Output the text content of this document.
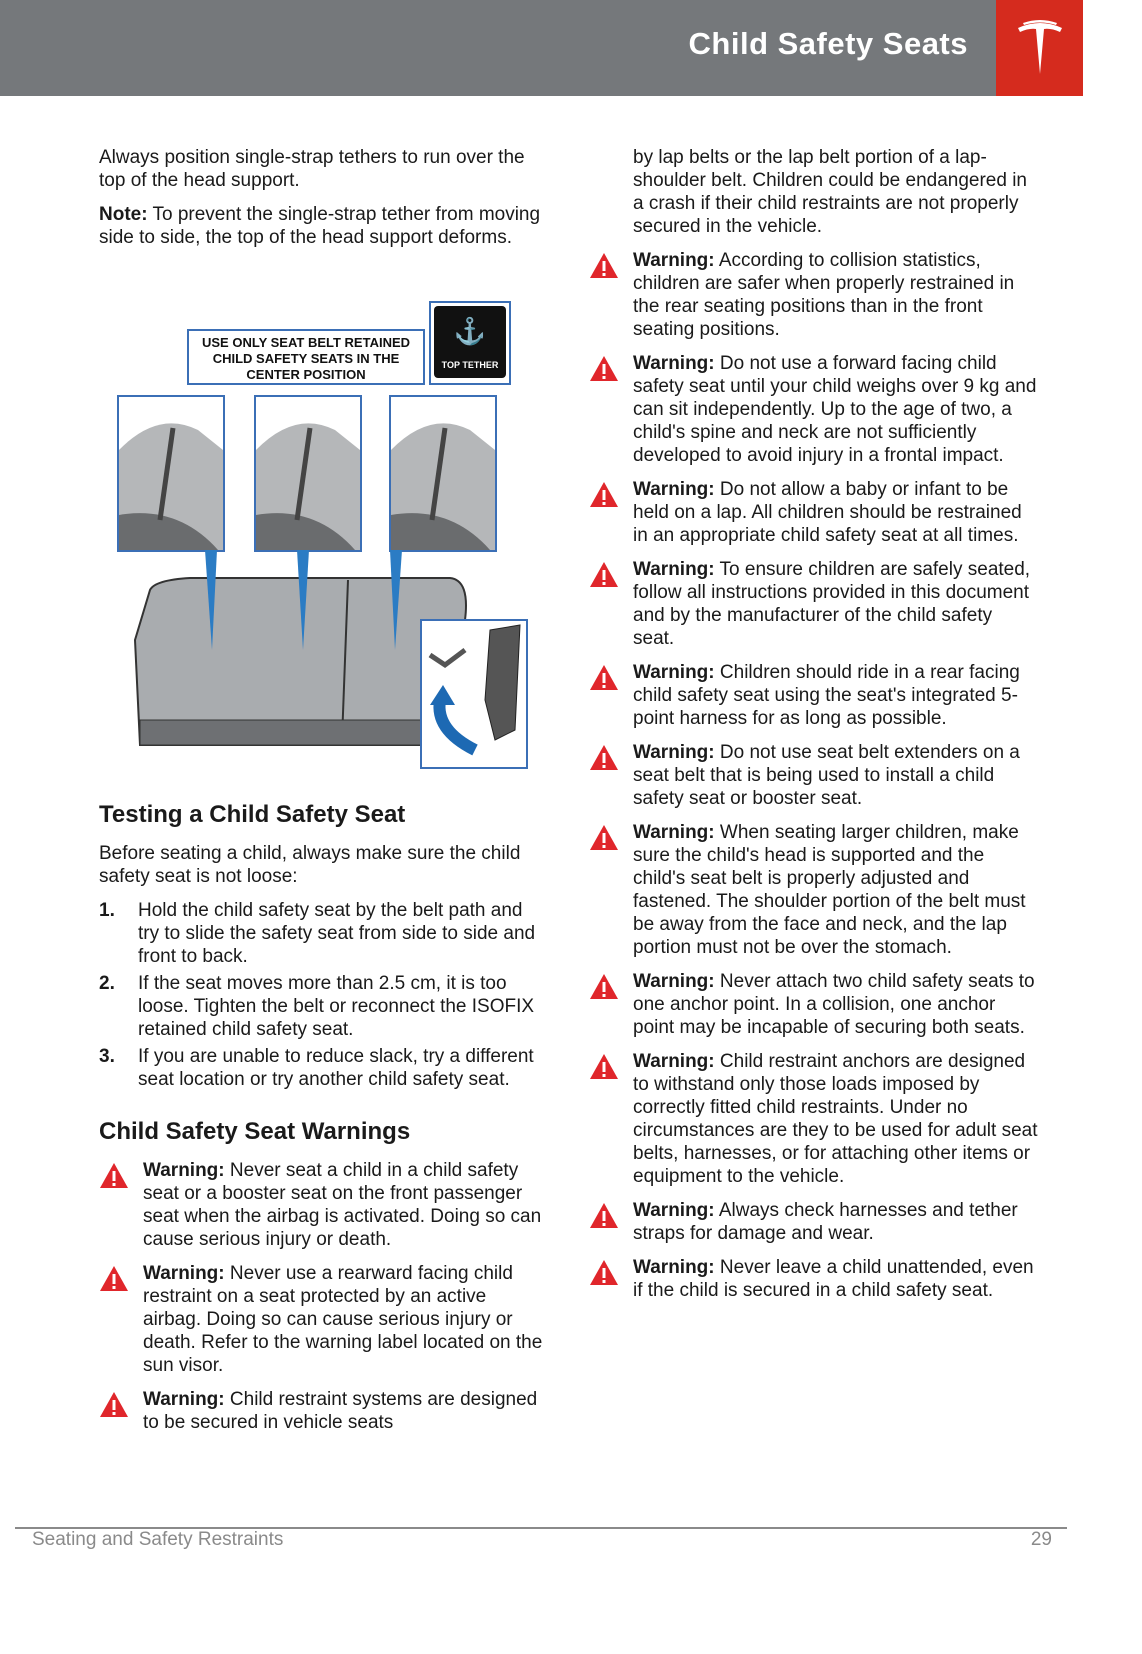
Child Safety Seats

Always position single-strap tethers to run over the top of the head support.

Note: To prevent the single-strap tether from moving side to side, the top of the head support deforms.

Testing a Child Safety Seat

Before seating a child, always make sure the child safety seat is not loose:

1.	Hold the child safety seat by the belt path and try to slide the safety seat from side to side and front to back.
2.	If the seat moves more than 2.5 cm, it is too loose. Tighten the belt or reconnect the ISOFIX retained child safety seat.
3.	If you are unable to reduce slack, try a different seat location or try another child safety seat.
Child Safety Seat Warnings
Warning: Never seat a child in a child safety seat or a booster seat on the front passenger seat when the airbag is activated. Doing so can cause serious injury or death.
Warning: Never use a rearward facing child restraint on a seat protected by an active airbag. Doing so can cause serious injury or death. Refer to the warning label located on the sun visor.
Warning: Child restraint systems are designed to be secured in vehicle seats
USE ONLY SEAT BELT RETAINED
CHILD SAFETY SEATS IN THE
CENTER POSITION
⚓
TOP TETHER

by lap belts or the lap belt portion of a lap-shoulder belt. Children could be endangered in a crash if their child restraints are not properly secured in the vehicle.

Warning: According to collision statistics, children are safer when properly restrained in the rear seating positions than in the front seating positions.
Warning: Do not use a forward facing child safety seat until your child weighs over 9 kg and can sit independently. Up to the age of two, a child's spine and neck are not sufficiently developed to avoid injury in a frontal impact.
Warning: Do not allow a baby or infant to be held on a lap. All children should be restrained in an appropriate child safety seat at all times.
Warning: To ensure children are safely seated, follow all instructions provided in this document and by the manufacturer of the child safety seat.
Warning: Children should ride in a rear facing child safety seat using the seat's integrated 5-point harness for as long as possible.
Warning: Do not use seat belt extenders on a seat belt that is being used to install a child safety seat or booster seat.
Warning: When seating larger children, make sure the child's head is supported and the child's seat belt is properly adjusted and fastened. The shoulder portion of the belt must be away from the face and neck, and the lap portion must not be over the stomach.
Warning: Never attach two child safety seats to one anchor point. In a collision, one anchor point may be incapable of securing both seats.
Warning: Child restraint anchors are designed to withstand only those loads imposed by correctly fitted child restraints. Under no circumstances are they to be used for adult seat belts, harnesses, or for attaching other items or equipment to the vehicle.
Warning: Always check harnesses and tether straps for damage and wear.
Warning: Never leave a child unattended, even if the child is secured in a child safety seat.
Seating and Safety Restraints	29
